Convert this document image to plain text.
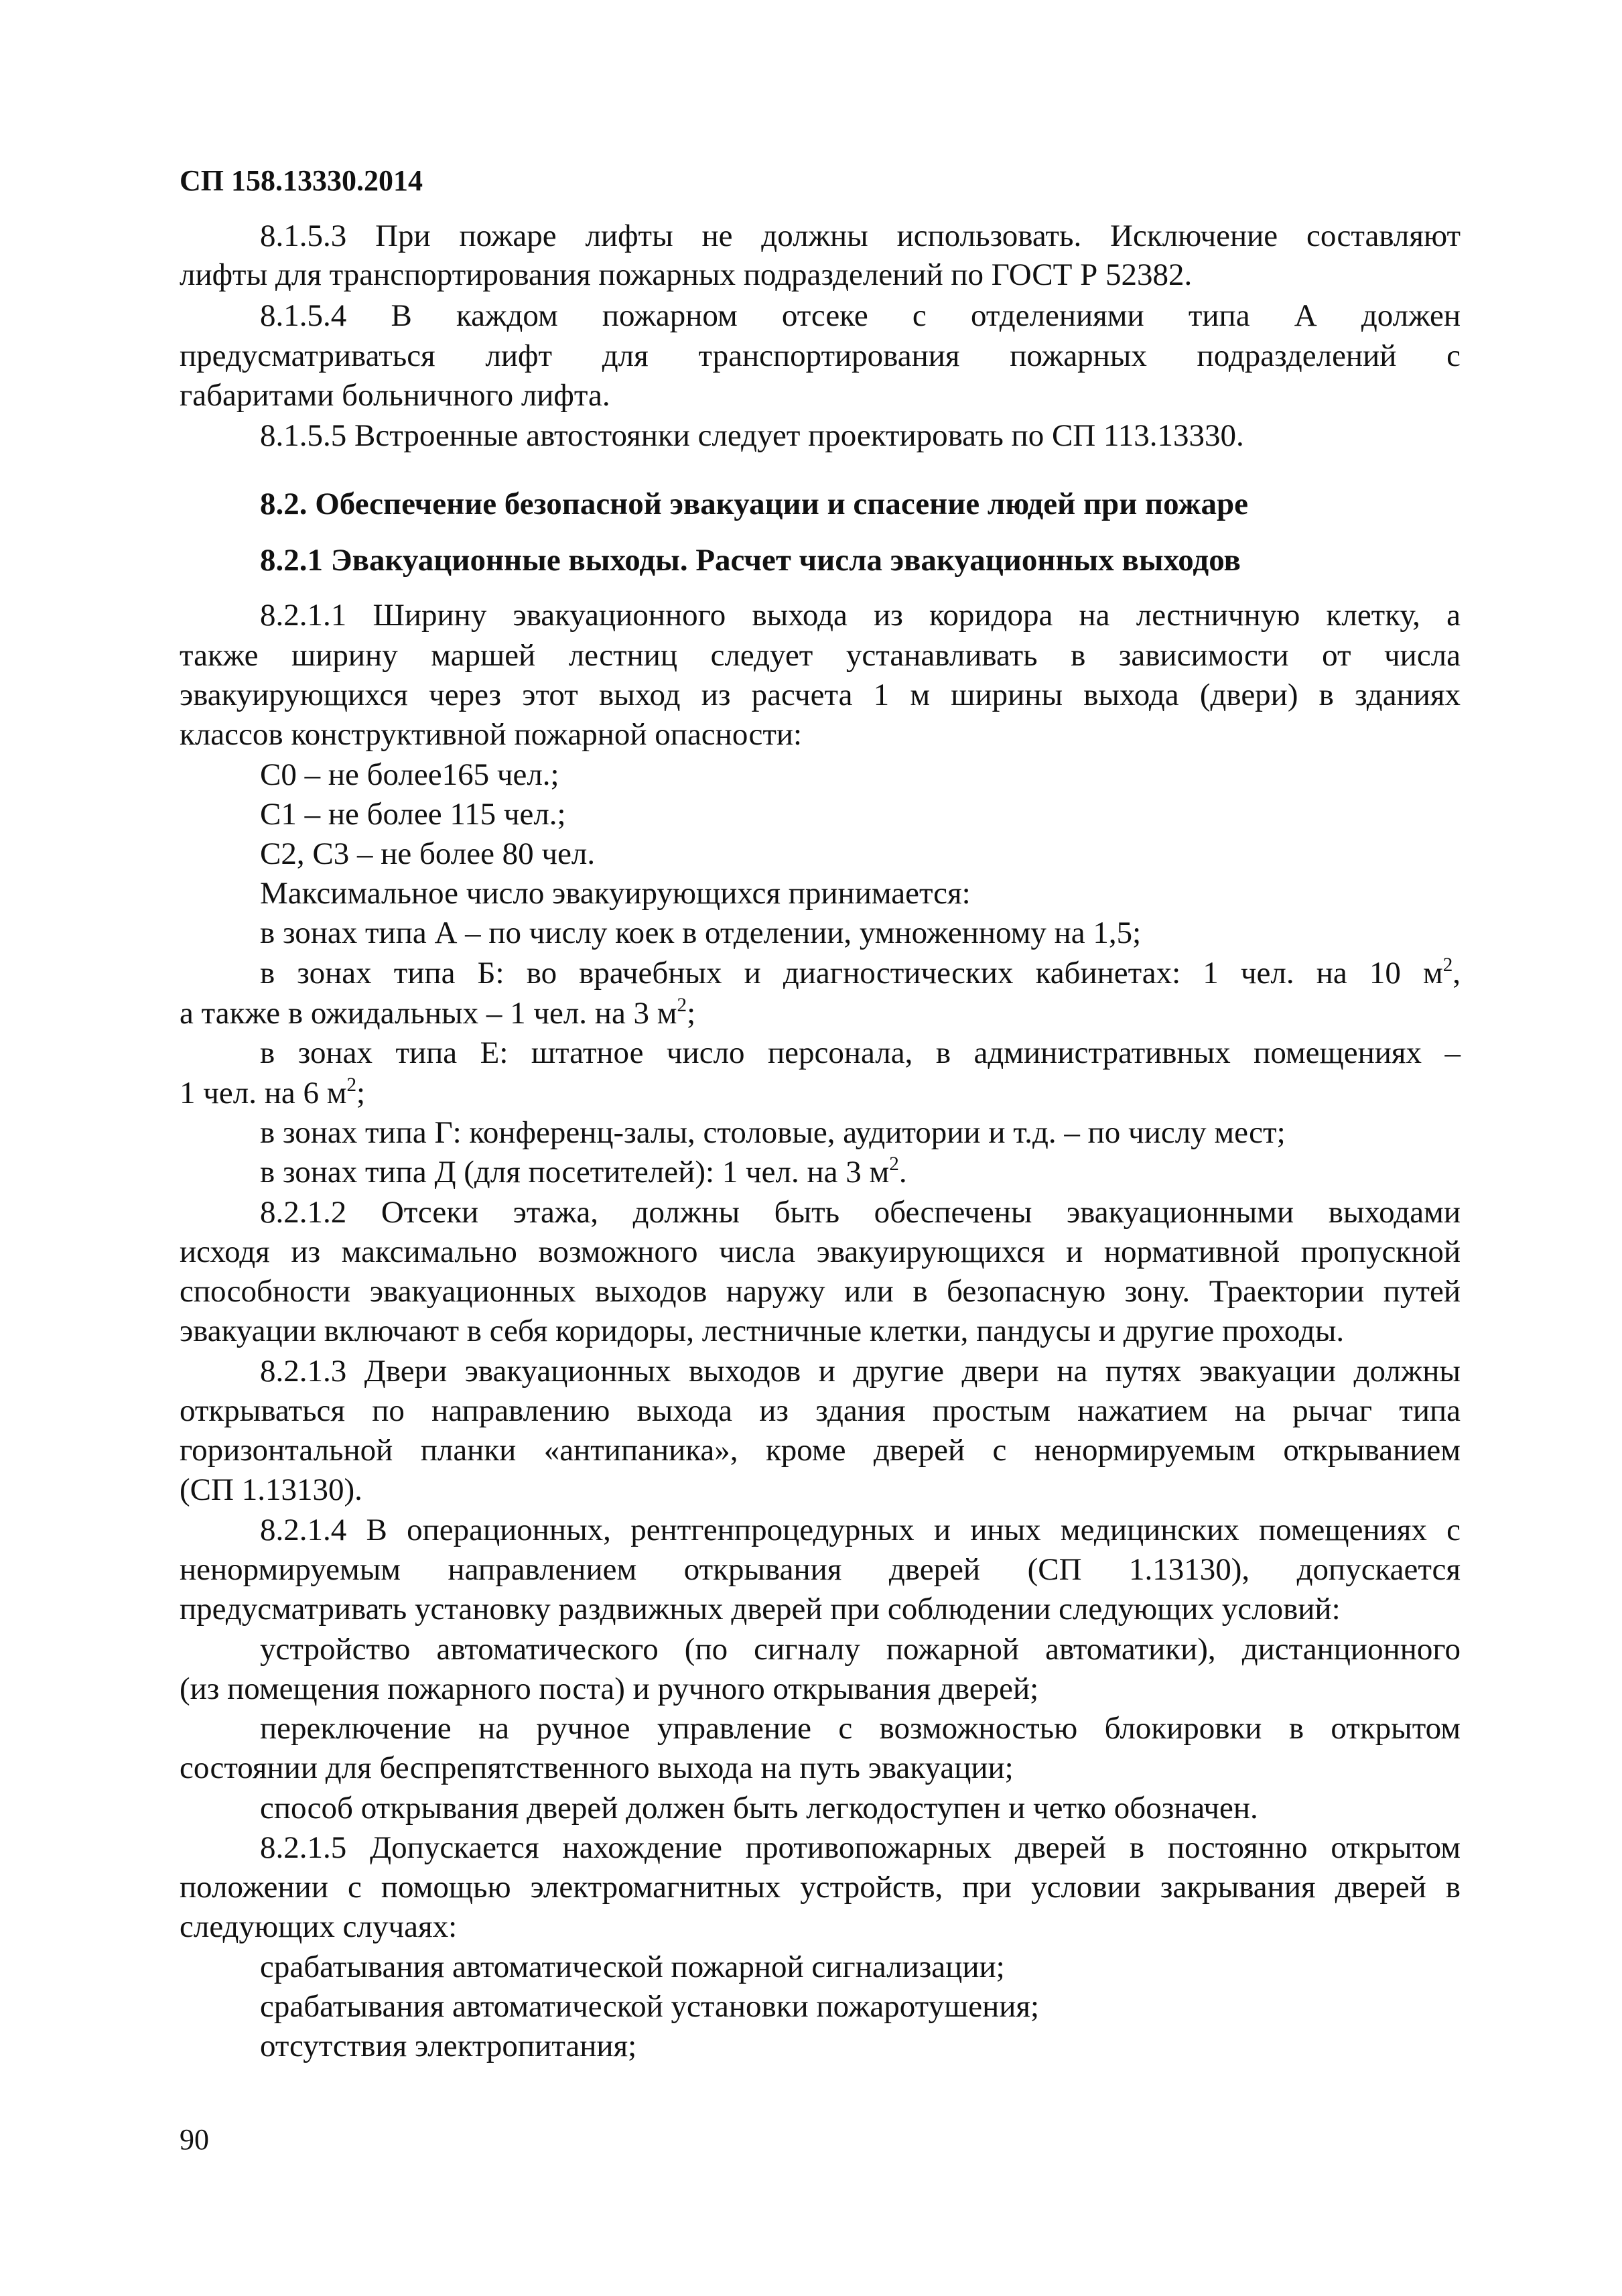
СП 158.13330.2014
8.1.5.3 При пожаре лифты не должны использовать. Исключение составляют
лифты для транспортирования пожарных подразделений по ГОСТ Р 52382.
8.1.5.4 В каждом пожарном отсеке с отделениями типа А должен
предусматриваться лифт для транспортирования пожарных подразделений с
габаритами больничного лифта.
8.1.5.5 Встроенные автостоянки следует проектировать по СП 113.13330.
8.2. Обеспечение безопасной эвакуации и спасение людей при пожаре
8.2.1 Эвакуационные выходы. Расчет числа эвакуационных выходов
8.2.1.1 Ширину эвакуационного выхода из коридора на лестничную клетку, а
также ширину маршей лестниц следует устанавливать в зависимости от числа
эвакуирующихся через этот выход из расчета 1 м ширины выхода (двери) в зданиях
классов конструктивной пожарной опасности:
С0 – не более165 чел.;
С1 – не более 115 чел.;
С2, С3 – не более 80 чел.
Максимальное число эвакуирующихся принимается:
в зонах типа А – по числу коек в отделении, умноженному на 1,5;
в зонах типа Б: во врачебных и диагностических кабинетах: 1 чел. на 10 $м^2$,
а также в ожидальных – 1 чел. на 3 $м^2$;
в зонах типа Е: штатное число персонала, в административных помещениях –
1 чел. на 6 $м^2$;
в зонах типа Г: конференц-залы, столовые, аудитории и т.д. – по числу мест;
в зонах типа Д (для посетителей): 1 чел. на 3 $м^2$.
8.2.1.2 Отсеки этажа, должны быть обеспечены эвакуационными выходами
исходя из максимально возможного числа эвакуирующихся и нормативной пропускной
способности эвакуационных выходов наружу или в безопасную зону. Траектории путей
эвакуации включают в себя коридоры, лестничные клетки, пандусы и другие проходы.
8.2.1.3 Двери эвакуационных выходов и другие двери на путях эвакуации должны
открываться по направлению выхода из здания простым нажатием на рычаг типа
горизонтальной планки «антипаника», кроме дверей с ненормируемым открыванием
(СП 1.13130).
8.2.1.4 В операционных, рентгенпроцедурных и иных медицинских помещениях с
ненормируемым направлением открывания дверей (СП 1.13130), допускается
предусматривать установку раздвижных дверей при соблюдении следующих условий:
устройство автоматического (по сигналу пожарной автоматики), дистанционного
(из помещения пожарного поста) и ручного открывания дверей;
переключение на ручное управление с возможностью блокировки в открытом
состоянии для беспрепятственного выхода на путь эвакуации;
способ открывания дверей должен быть легкодоступен и четко обозначен.
8.2.1.5 Допускается нахождение противопожарных дверей в постоянно открытом
положении с помощью электромагнитных устройств, при условии закрывания дверей в
следующих случаях:
срабатывания автоматической пожарной сигнализации;
срабатывания автоматической установки пожаротушения;
отсутствия электропитания;
90
